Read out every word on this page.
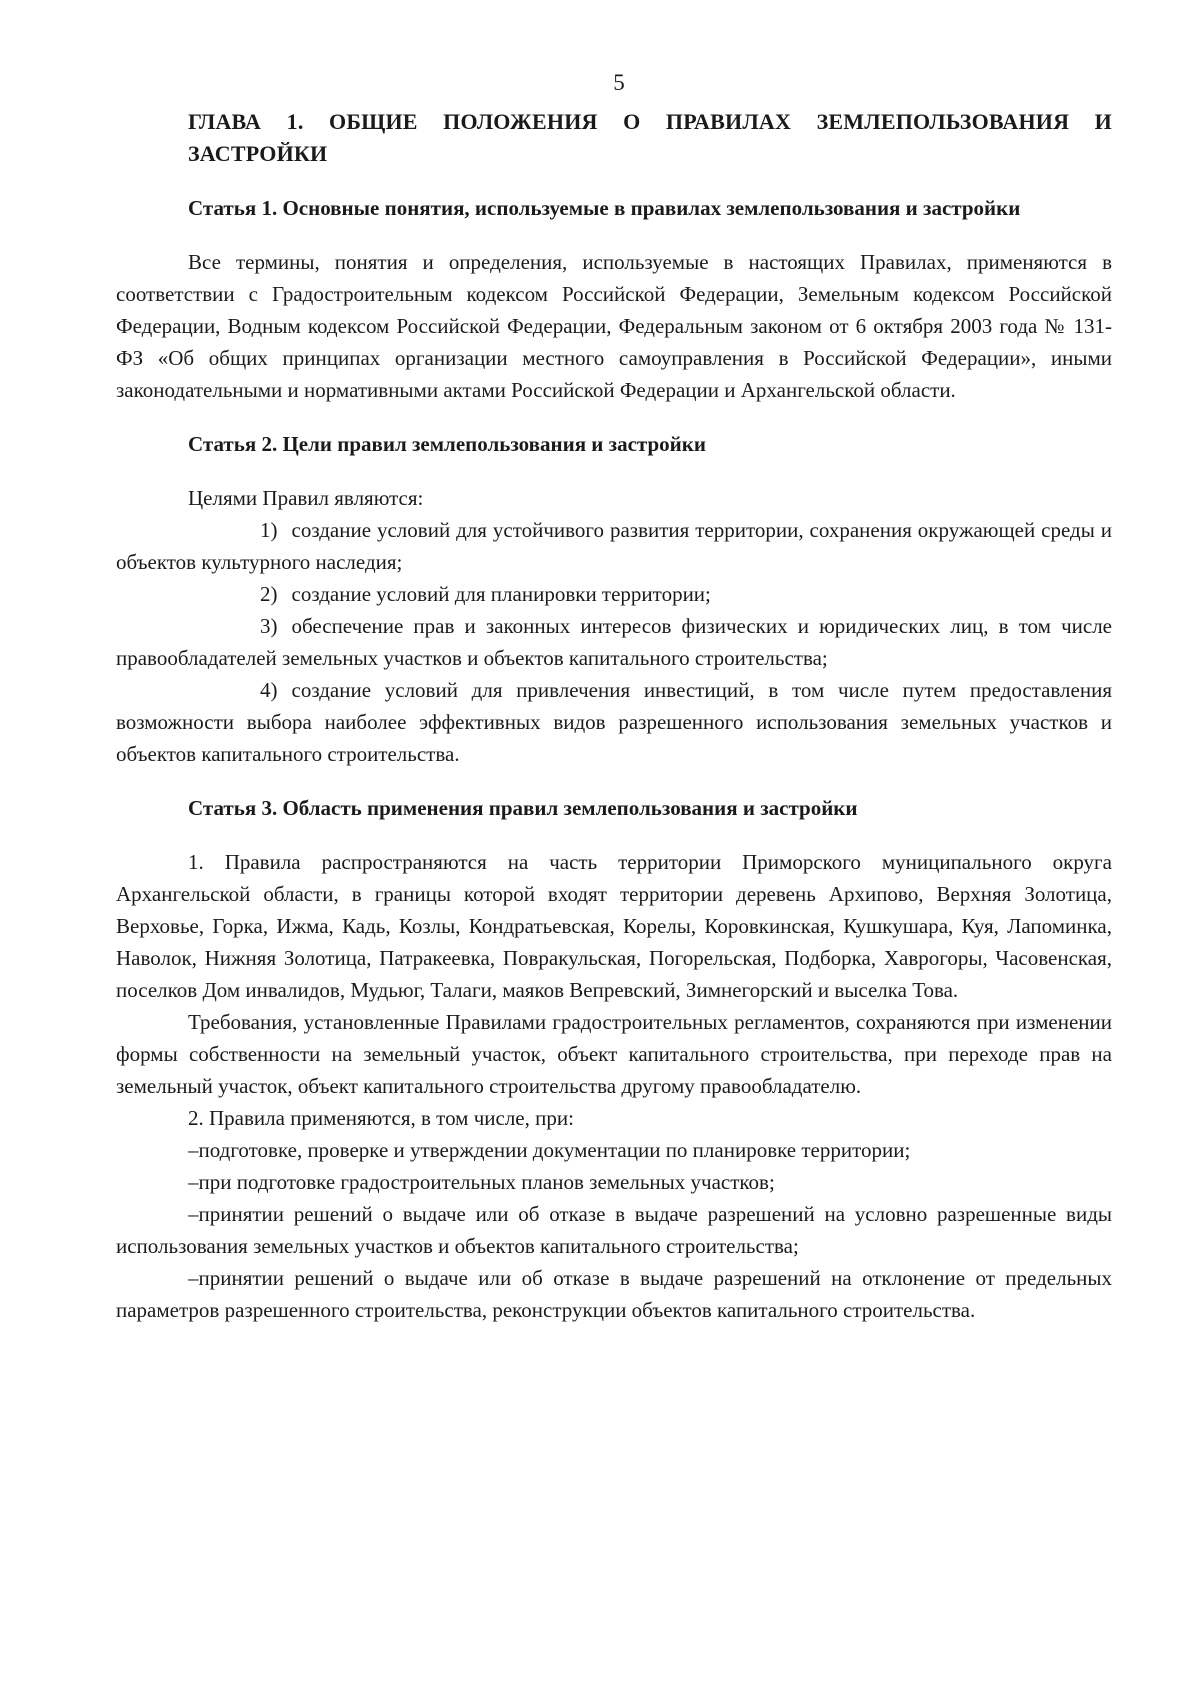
5
ГЛАВА 1. ОБЩИЕ ПОЛОЖЕНИЯ О ПРАВИЛАХ ЗЕМЛЕПОЛЬЗОВАНИЯ И ЗАСТРОЙКИ
Статья 1. Основные понятия, используемые в правилах землепользования и застройки
Все термины, понятия и определения, используемые в настоящих Правилах, применяются в соответствии с Градостроительным кодексом Российской Федерации, Земельным кодексом Российской Федерации, Водным кодексом Российской Федерации, Федеральным законом от 6 октября 2003 года № 131-ФЗ «Об общих принципах организации местного самоуправления в Российской Федерации», иными законодательными и нормативными актами Российской Федерации и Архангельской области.
Статья 2. Цели правил землепользования и застройки
Целями Правил являются:
1) создание условий для устойчивого развития территории, сохранения окружающей среды и объектов культурного наследия;
2) создание условий для планировки территории;
3) обеспечение прав и законных интересов физических и юридических лиц, в том числе правообладателей земельных участков и объектов капитального строительства;
4) создание условий для привлечения инвестиций, в том числе путем предоставления возможности выбора наиболее эффективных видов разрешенного использования земельных участков и объектов капитального строительства.
Статья 3. Область применения правил землепользования и застройки
1. Правила распространяются на часть территории Приморского муниципального округа Архангельской области, в границы которой входят территории деревень Архипово, Верхняя Золотица, Верховье, Горка, Ижма, Кадь, Козлы, Кондратьевская, Корелы, Коровкинская, Кушкушара, Куя, Лапоминка, Наволок, Нижняя Золотица, Патракеевка, Повракульская, Погорельская, Подборка, Хаврогоры, Часовенская, поселков Дом инвалидов, Мудьюг, Талаги, маяков Вепревский, Зимнегорский и выселка Това.
Требования, установленные Правилами градостроительных регламентов, сохраняются при изменении формы собственности на земельный участок, объект капитального строительства, при переходе прав на земельный участок, объект капитального строительства другому правообладателю.
2. Правила применяются, в том числе, при:
–подготовке, проверке и утверждении документации по планировке территории;
–при подготовке градостроительных планов земельных участков;
–принятии решений о выдаче или об отказе в выдаче разрешений на условно разрешенные виды использования земельных участков и объектов капитального строительства;
–принятии решений о выдаче или об отказе в выдаче разрешений на отклонение от предельных параметров разрешенного строительства, реконструкции объектов капитального строительства.
